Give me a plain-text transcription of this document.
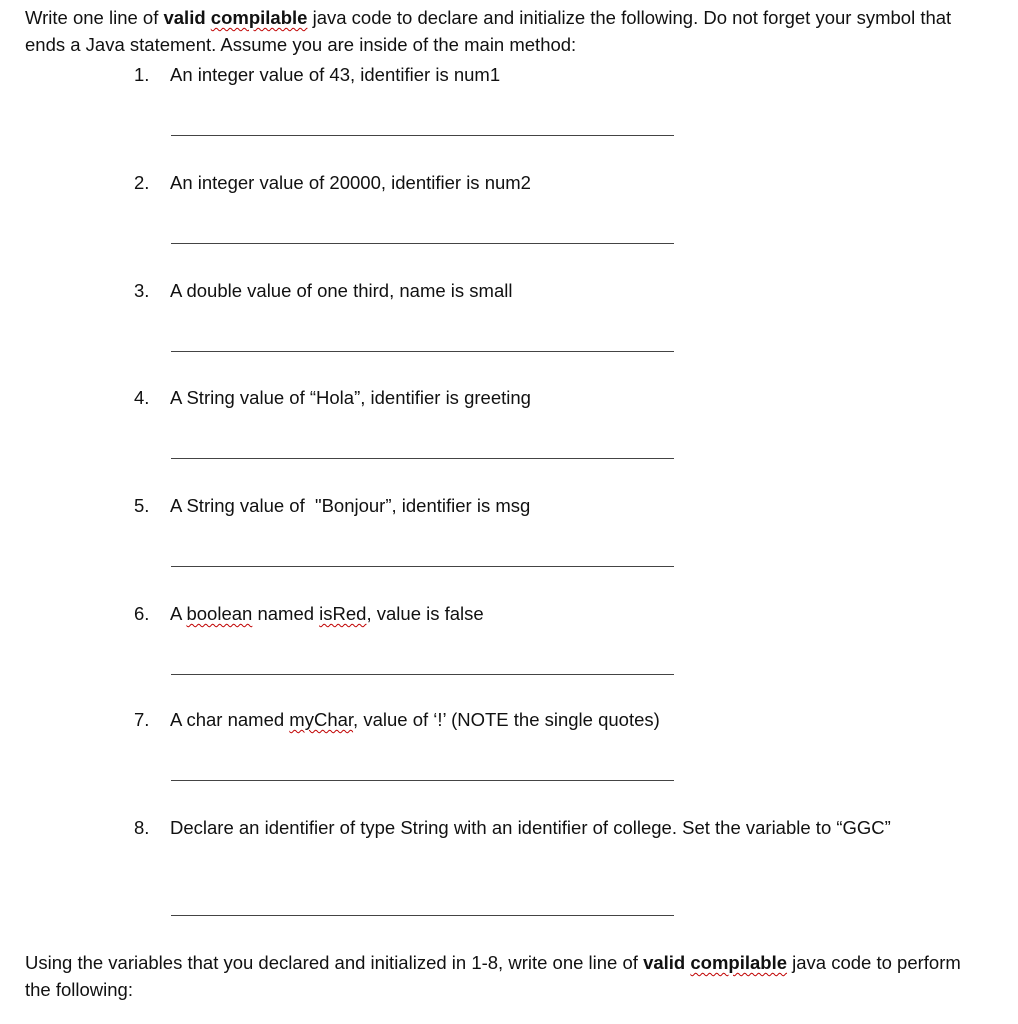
Write one line of valid compilable java code to declare and initialize the following. Do not forget your symbol that ends a Java statement. Assume you are inside of the main method:
1. An integer value of 43, identifier is num1
2. An integer value of 20000, identifier is num2
3. A double value of one third, name is small
4. A String value of “Hola”, identifier is greeting
5. A String value of  "Bonjour”, identifier is msg
6. A boolean named isRed, value is false
7. A char named myChar, value of ‘!’ (NOTE the single quotes)
8. Declare an identifier of type String with an identifier of college. Set the variable to “GGC”
Using the variables that you declared and initialized in 1-8, write one line of valid compilable java code to perform the following:
